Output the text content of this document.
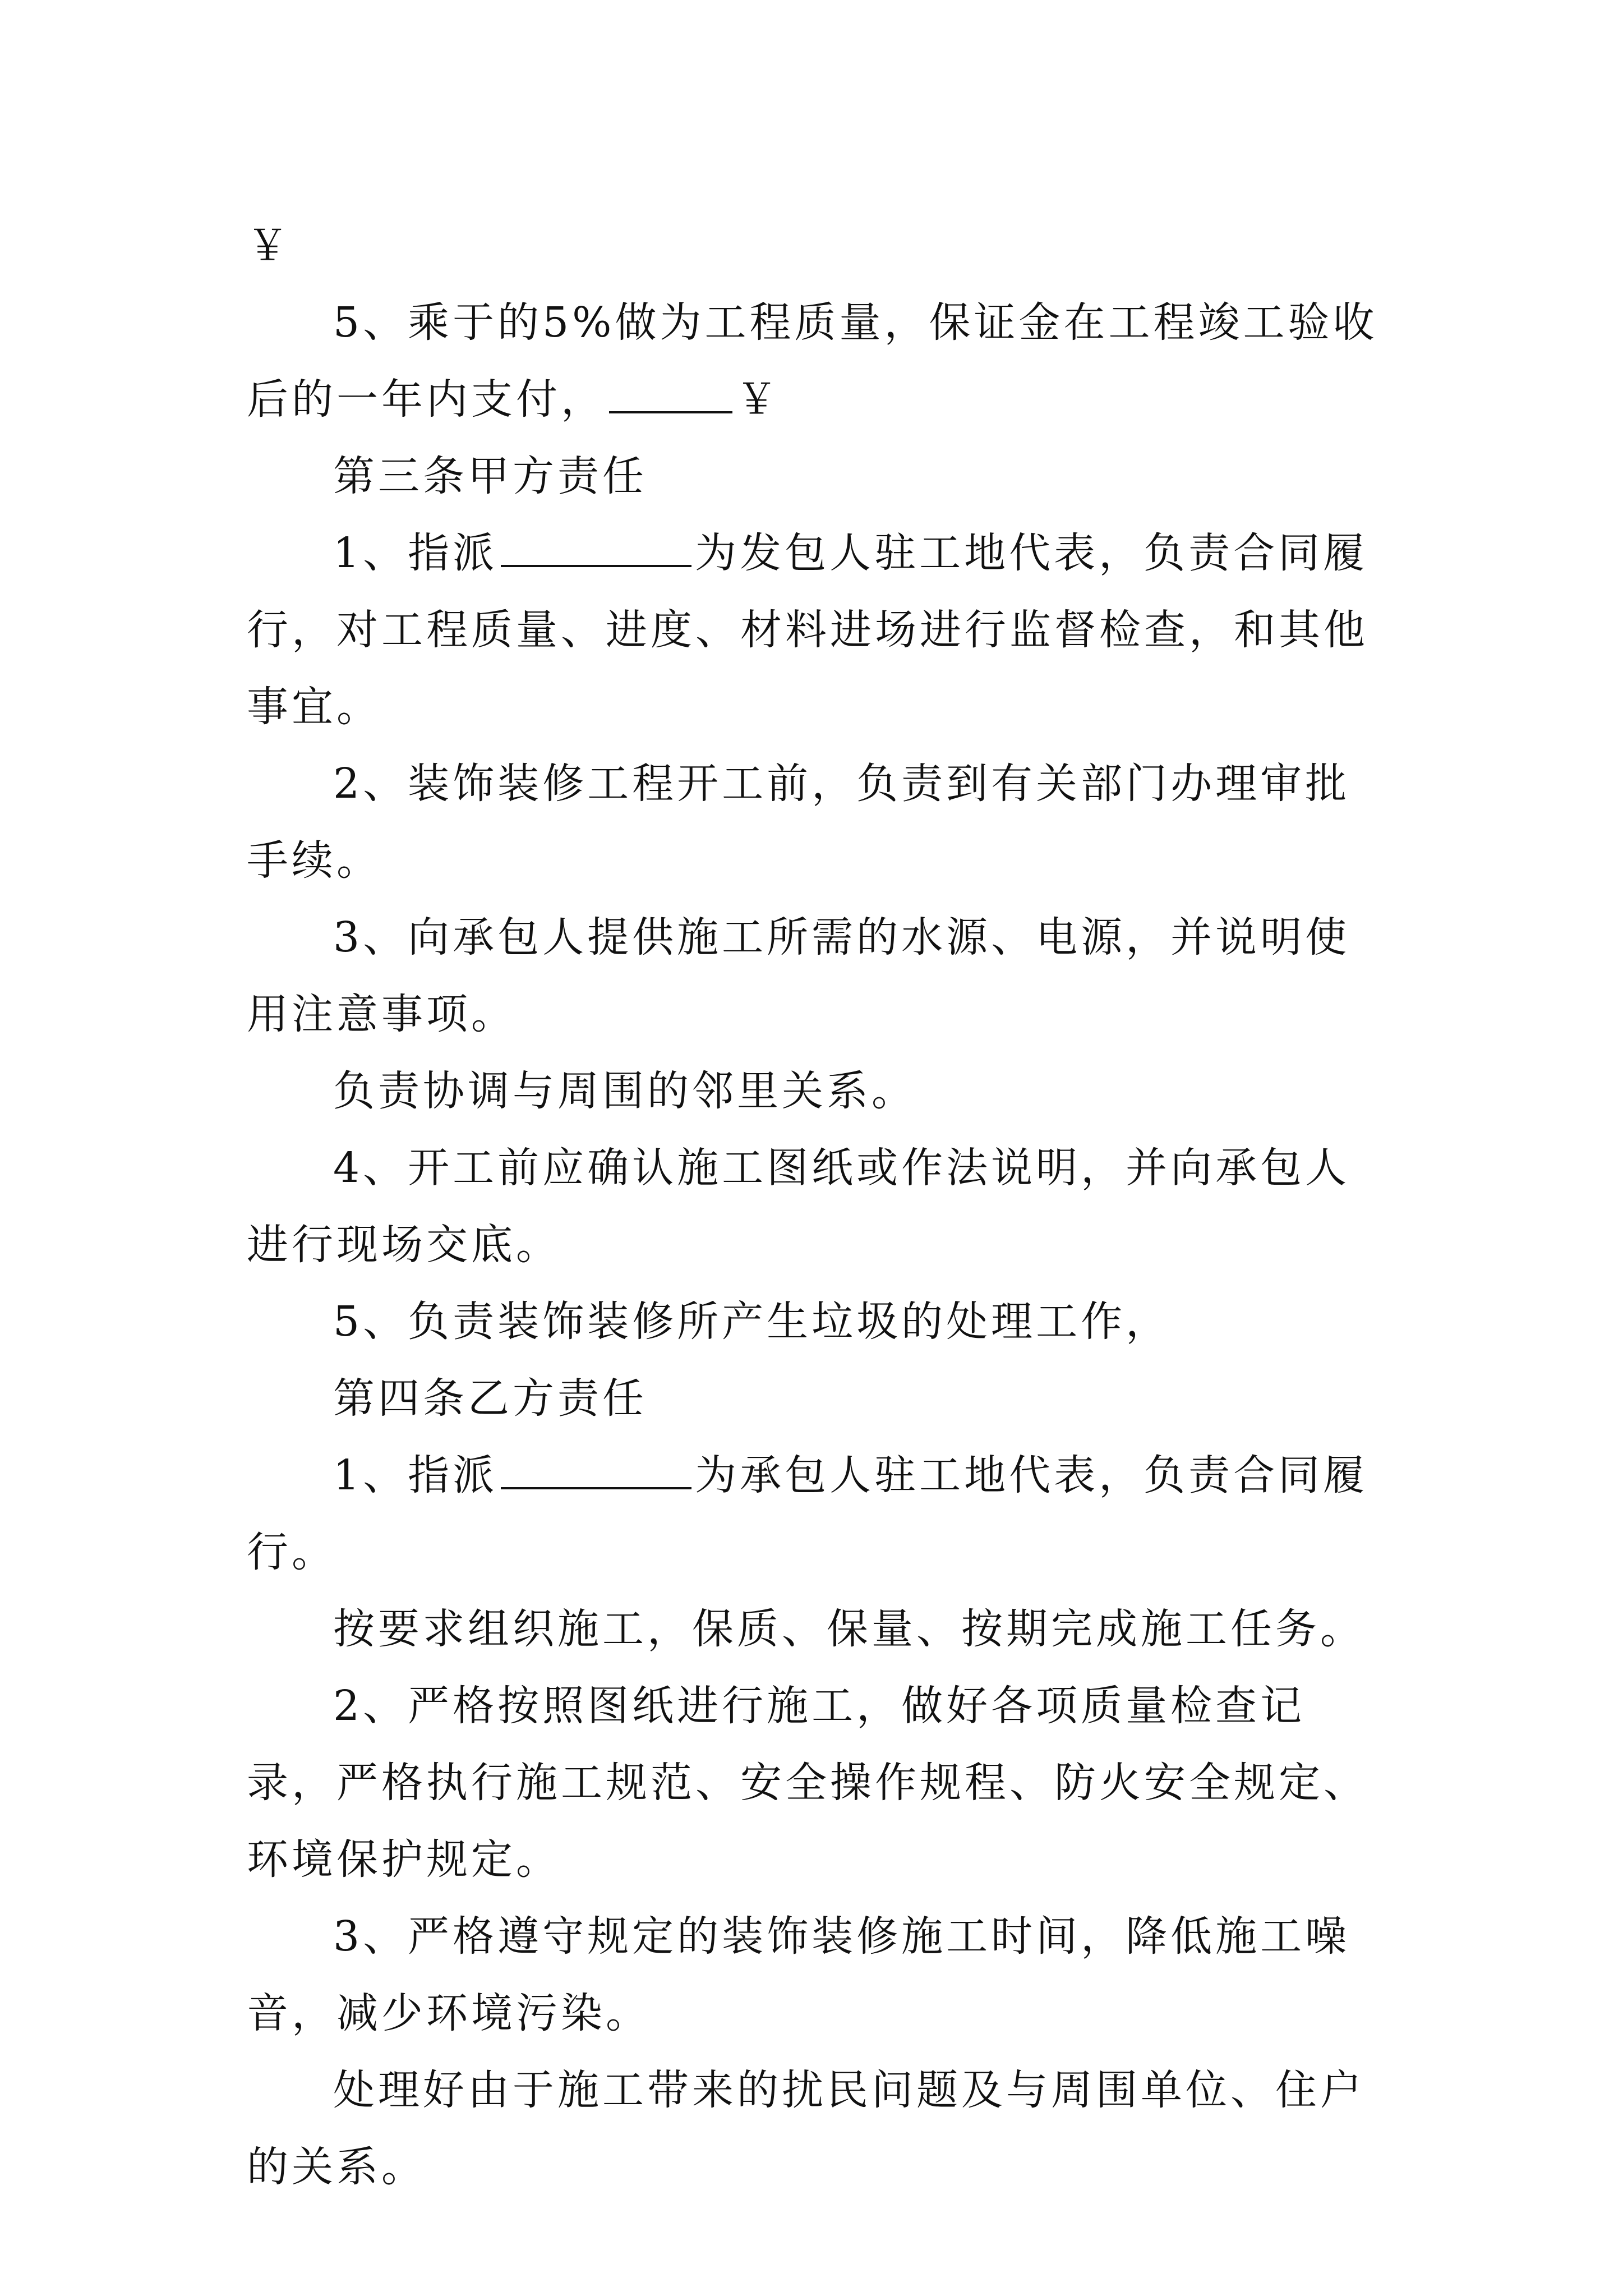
￥

5、乘于的5%做为工程质量，保证金在工程竣工验收后的一年内支付，	￥

第三条甲方责任

1、指派	为发包人驻工地代表，负责合同履行，对工程质量、进度、材料进场进行监督检查，和其他事宜。

2、装饰装修工程开工前，负责到有关部门办理审批手续。

3、向承包人提供施工所需的水源、电源，并说明使用注意事项。

负责协调与周围的邻里关系。

4、开工前应确认施工图纸或作法说明，并向承包人进行现场交底。

5、负责装饰装修所产生垃圾的处理工作，

第四条乙方责任

1、指派	为承包人驻工地代表，负责合同履行。

按要求组织施工，保质、保量、按期完成施工任务。

2、严格按照图纸进行施工，做好各项质量检查记录，严格执行施工规范、安全操作规程、防火安全规定、环境保护规定。

3、严格遵守规定的装饰装修施工时间，降低施工噪音，减少环境污染。

处理好由于施工带来的扰民问题及与周围单位、住户的关系。
